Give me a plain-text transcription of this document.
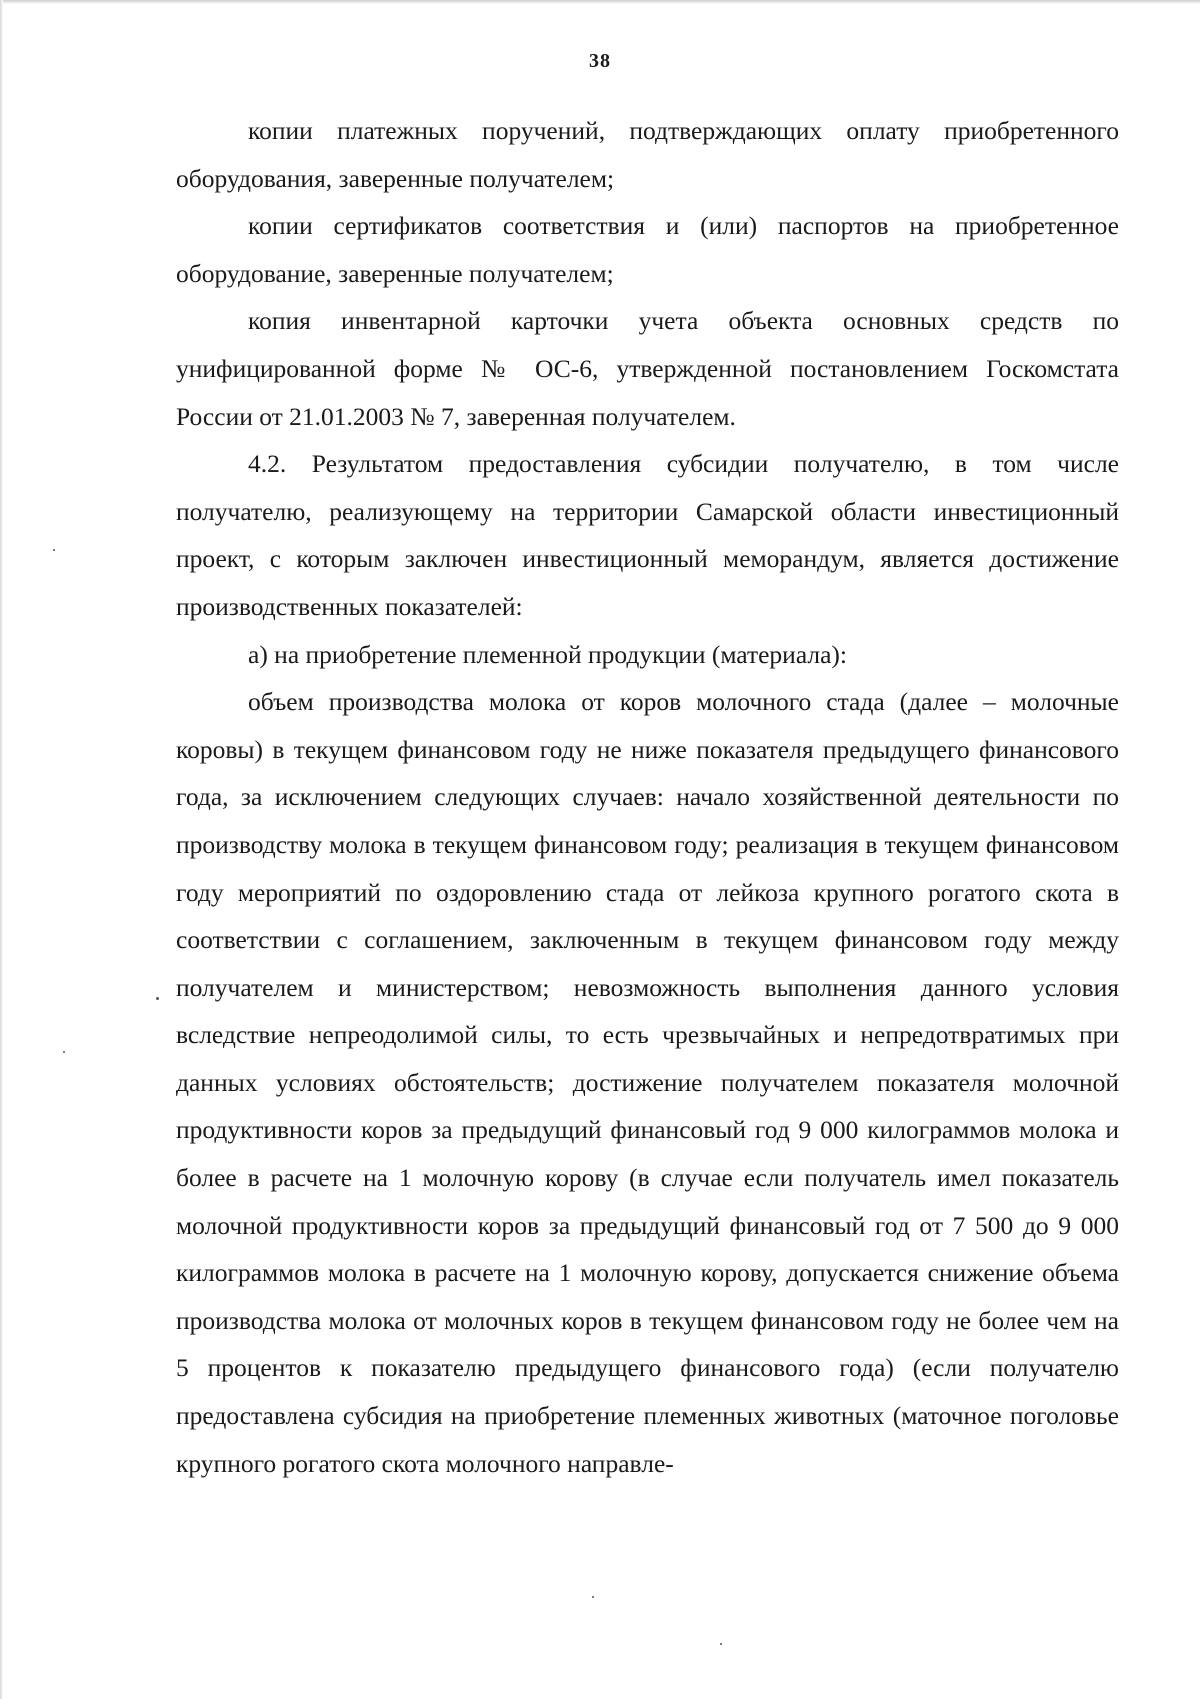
38

копии платежных поручений, подтверждающих оплату приобретенного оборудования, заверенные получателем;

копии сертификатов соответствия и (или) паспортов на приобретенное оборудование, заверенные получателем;

копия инвентарной карточки учета объекта основных средств по унифицированной форме № ОС-6, утвержденной постановлением Госкомстата России от 21.01.2003 № 7, заверенная получателем.

4.2. Результатом предоставления субсидии получателю, в том числе получателю, реализующему на территории Самарской области инвестиционный проект, с которым заключен инвестиционный меморандум, является достижение производственных показателей:

а) на приобретение племенной продукции (материала):

объем производства молока от коров молочного стада (далее – молочные коровы) в текущем финансовом году не ниже показателя предыдущего финансового года, за исключением следующих случаев: начало хозяйственной деятельности по производству молока в текущем финансовом году; реализация в текущем финансовом году мероприятий по оздоровлению стада от лейкоза крупного рогатого скота в соответствии с соглашением, заключенным в текущем финансовом году между получателем и министерством; невозможность выполнения данного условия вследствие непреодолимой силы, то есть чрезвычайных и непредотвратимых при данных условиях обстоятельств; достижение получателем показателя молочной продуктивности коров за предыдущий финансовый год 9 000 килограммов молока и более в расчете на 1 молочную корову (в случае если получатель имел показатель молочной продуктивности коров за предыдущий финансовый год от 7 500 до 9 000 килограммов молока в расчете на 1 молочную корову, допускается снижение объема производства молока от молочных коров в текущем финансовом году не более чем на 5 процентов к показателю предыдущего финансового года) (если получателю предоставлена субсидия на приобретение племенных животных (маточное поголовье крупного рогатого скота молочного направле-
